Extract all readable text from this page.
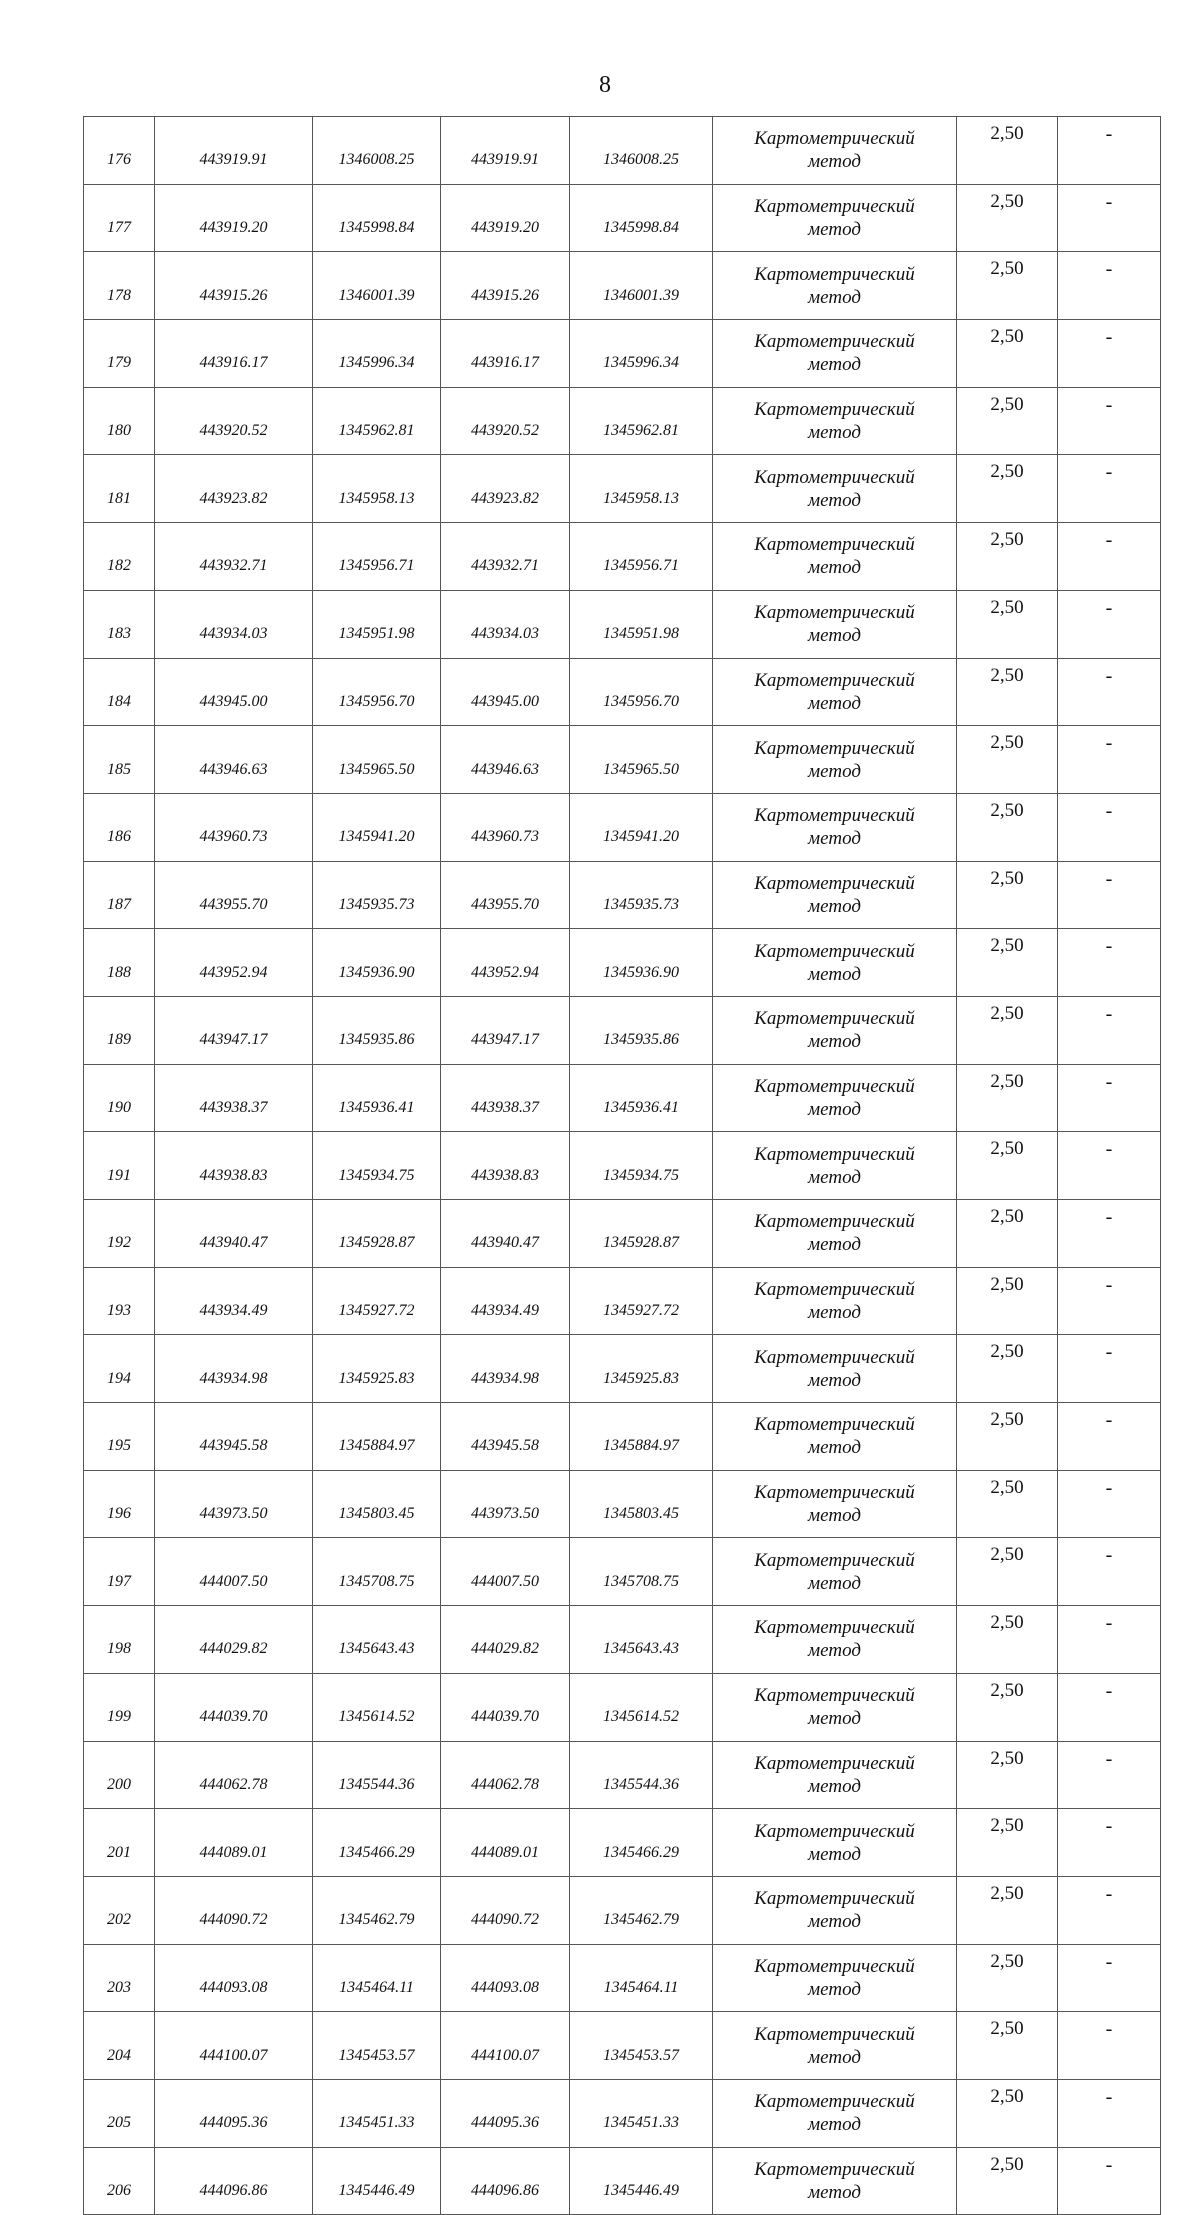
8
176	443919.91	1346008.25	443919.91	1346008.25	Картометрический
метод	2,50	-
177	443919.20	1345998.84	443919.20	1345998.84	Картометрический
метод	2,50	-
178	443915.26	1346001.39	443915.26	1346001.39	Картометрический
метод	2,50	-
179	443916.17	1345996.34	443916.17	1345996.34	Картометрический
метод	2,50	-
180	443920.52	1345962.81	443920.52	1345962.81	Картометрический
метод	2,50	-
181	443923.82	1345958.13	443923.82	1345958.13	Картометрический
метод	2,50	-
182	443932.71	1345956.71	443932.71	1345956.71	Картометрический
метод	2,50	-
183	443934.03	1345951.98	443934.03	1345951.98	Картометрический
метод	2,50	-
184	443945.00	1345956.70	443945.00	1345956.70	Картометрический
метод	2,50	-
185	443946.63	1345965.50	443946.63	1345965.50	Картометрический
метод	2,50	-
186	443960.73	1345941.20	443960.73	1345941.20	Картометрический
метод	2,50	-
187	443955.70	1345935.73	443955.70	1345935.73	Картометрический
метод	2,50	-
188	443952.94	1345936.90	443952.94	1345936.90	Картометрический
метод	2,50	-
189	443947.17	1345935.86	443947.17	1345935.86	Картометрический
метод	2,50	-
190	443938.37	1345936.41	443938.37	1345936.41	Картометрический
метод	2,50	-
191	443938.83	1345934.75	443938.83	1345934.75	Картометрический
метод	2,50	-
192	443940.47	1345928.87	443940.47	1345928.87	Картометрический
метод	2,50	-
193	443934.49	1345927.72	443934.49	1345927.72	Картометрический
метод	2,50	-
194	443934.98	1345925.83	443934.98	1345925.83	Картометрический
метод	2,50	-
195	443945.58	1345884.97	443945.58	1345884.97	Картометрический
метод	2,50	-
196	443973.50	1345803.45	443973.50	1345803.45	Картометрический
метод	2,50	-
197	444007.50	1345708.75	444007.50	1345708.75	Картометрический
метод	2,50	-
198	444029.82	1345643.43	444029.82	1345643.43	Картометрический
метод	2,50	-
199	444039.70	1345614.52	444039.70	1345614.52	Картометрический
метод	2,50	-
200	444062.78	1345544.36	444062.78	1345544.36	Картометрический
метод	2,50	-
201	444089.01	1345466.29	444089.01	1345466.29	Картометрический
метод	2,50	-
202	444090.72	1345462.79	444090.72	1345462.79	Картометрический
метод	2,50	-
203	444093.08	1345464.11	444093.08	1345464.11	Картометрический
метод	2,50	-
204	444100.07	1345453.57	444100.07	1345453.57	Картометрический
метод	2,50	-
205	444095.36	1345451.33	444095.36	1345451.33	Картометрический
метод	2,50	-
206	444096.86	1345446.49	444096.86	1345446.49	Картометрический
метод	2,50	-
